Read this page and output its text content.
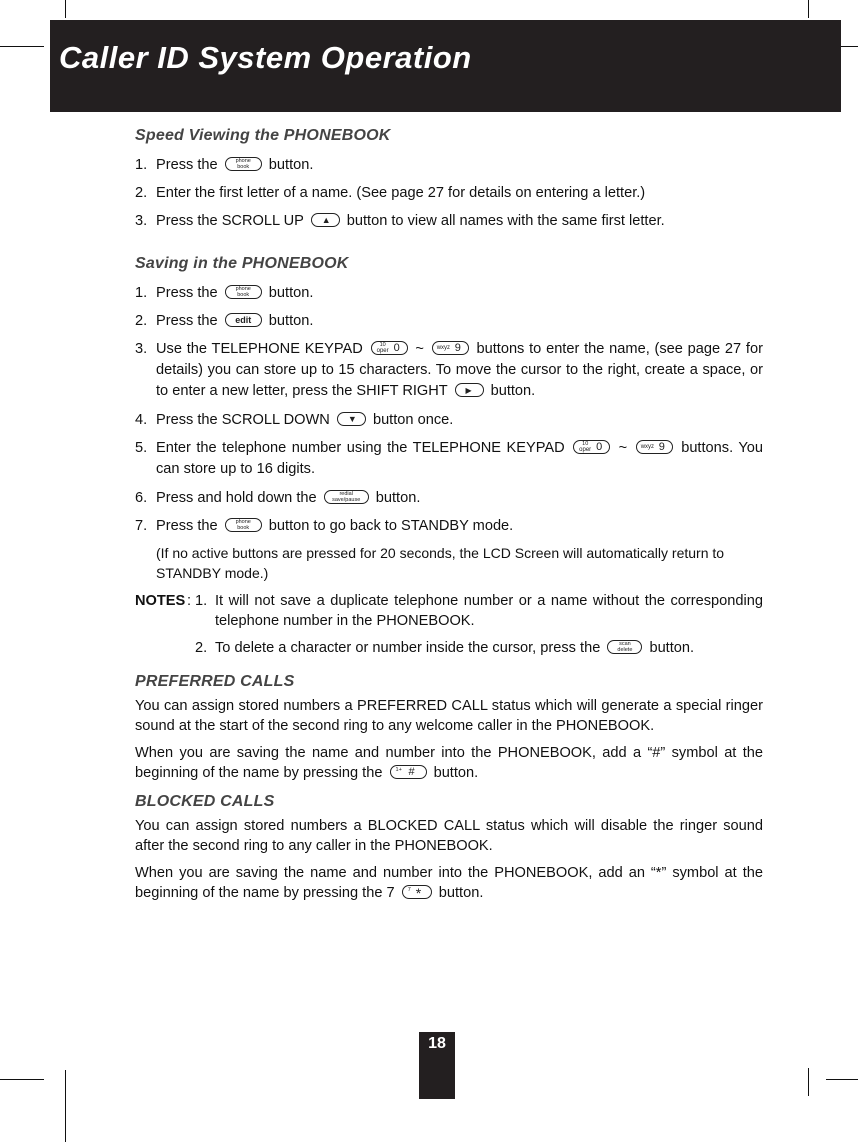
Caller ID System Operation
Speed Viewing the PHONEBOOK
1. Press the	phone
book	button.
2. Enter the first letter of a name. (See page 27 for details on entering a letter.)
3. Press the SCROLL UP ▲ button to view all names with the same first letter.
Saving in the PHONEBOOK
1. Press the	phone
book	button.
2. Press the	edit	button.
3. Use the TELEPHONE KEYPAD	10
oper 0 ~ wxyz 9 buttons to enter the name, (see page 27 for details) you can store up to 15 characters. To move the cursor to the right, create a space, or to enter a new letter, press the SHIFT RIGHT ▶ button.
4. Press the SCROLL DOWN ▼ button once.
5. Enter the telephone number using the TELEPHONE KEYPAD	10
oper 0 ~ wxyz 9 buttons. You can store up to 16 digits.
6. Press and hold down the	redial
save/pause	button.
7. Press the	phone
book	button to go back to STANDBY mode.

(If no active buttons are pressed for 20 seconds, the LCD Screen will automatically return to STANDBY mode.)

NOTES : 1. It will not save a duplicate telephone number or a name without the corresponding telephone number in the PHONEBOOK.
2. To delete a character or number inside the cursor, press the	scan
delete	button.
PREFERRED CALLS

You can assign stored numbers a PREFERRED CALL status which will generate a special ringer sound at the start of the second ring to any welcome caller in the PHONEBOOK.

When you are saving the name and number into the PHONEBOOK, add a “#” symbol at the beginning of the name by pressing the 1+ # button.

BLOCKED CALLS

You can assign stored numbers a BLOCKED CALL status which will disable the ringer sound after the second ring to any caller in the PHONEBOOK.

When you are saving the name and number into the PHONEBOOK, add an “*” symbol at the beginning of the name by pressing the 7 7 * button.

18
